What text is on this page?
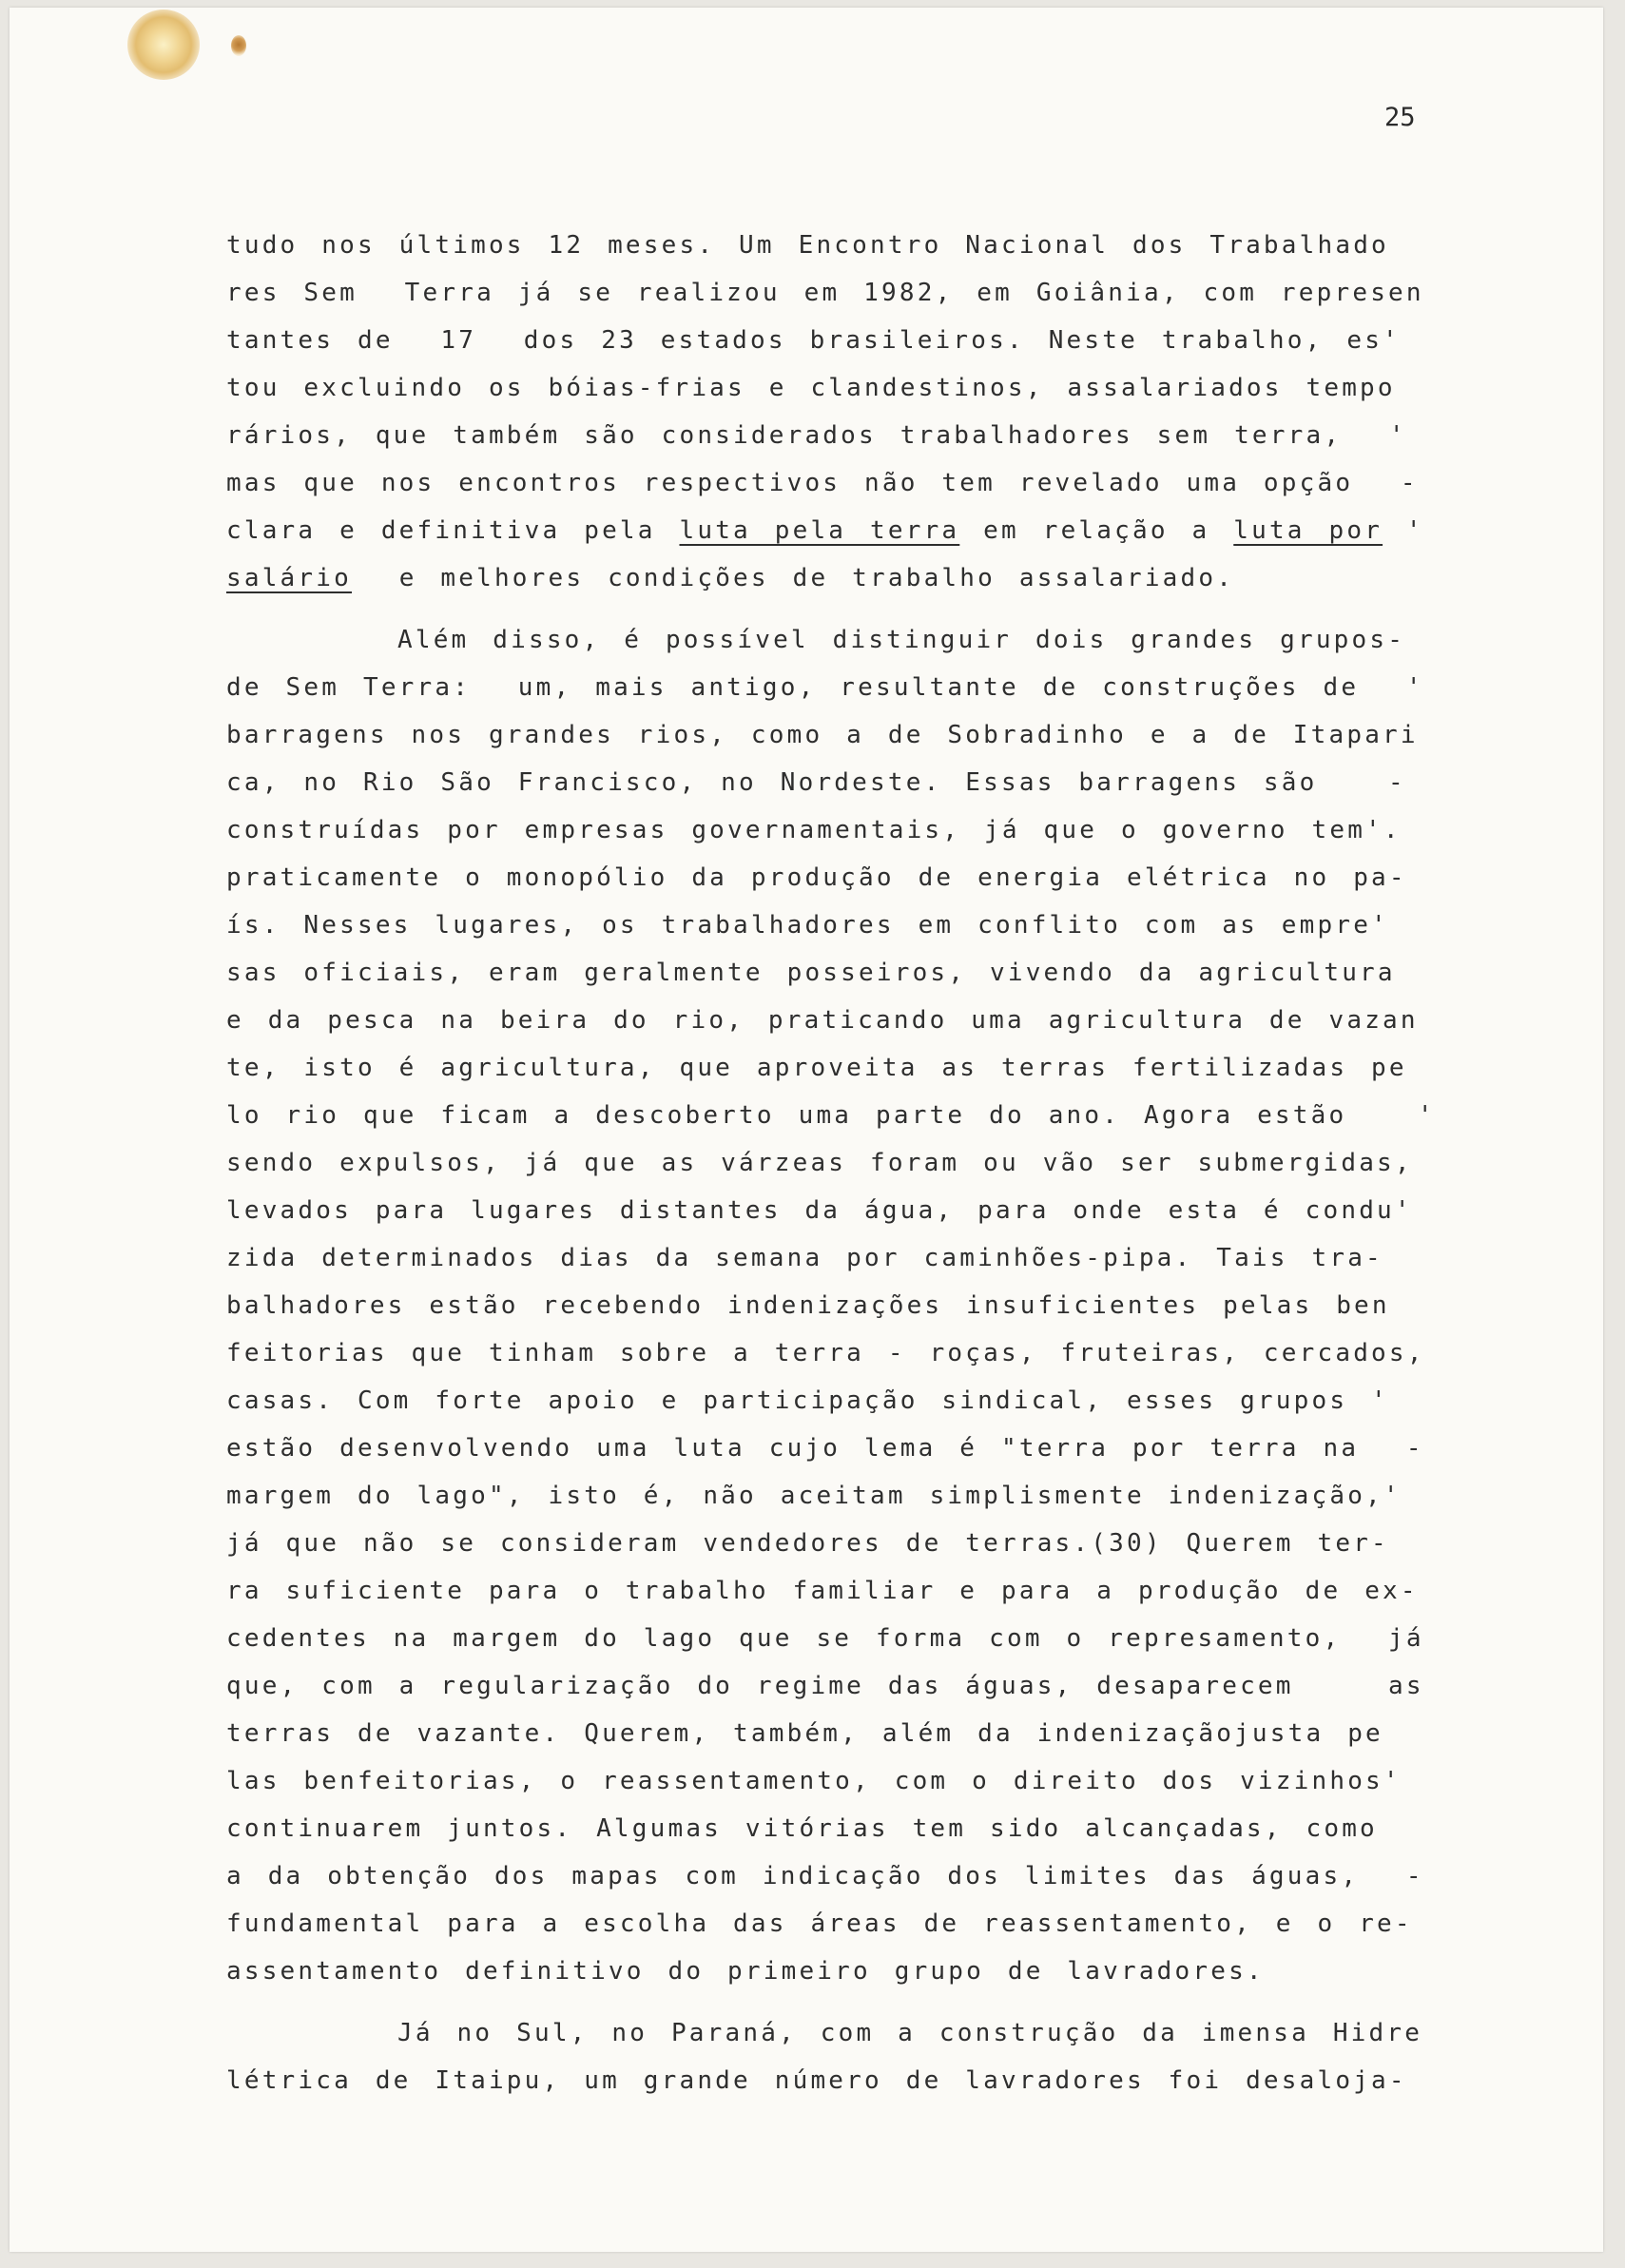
25
tudo nos últimos 12 meses. Um Encontro Nacional dos Trabalhado
res Sem  Terra já se realizou em 1982, em Goiânia, com represen
tantes de  17  dos 23 estados brasileiros. Neste trabalho, es'
tou excluindo os bóias-frias e clandestinos, assalariados tempo
rários, que também são considerados trabalhadores sem terra,  '
mas que nos encontros respectivos não tem revelado uma opção  -
clara e definitiva pela luta pela terra em relação a luta por '
salário  e melhores condições de trabalho assalariado.
Além disso, é possível distinguir dois grandes grupos-
de Sem Terra:  um, mais antigo, resultante de construções de  '
barragens nos grandes rios, como a de Sobradinho e a de Itapari
ca, no Rio São Francisco, no Nordeste. Essas barragens são   -
construídas por empresas governamentais, já que o governo tem'.
praticamente o monopólio da produção de energia elétrica no pa-
ís. Nesses lugares, os trabalhadores em conflito com as empre'
sas oficiais, eram geralmente posseiros, vivendo da agricultura
e da pesca na beira do rio, praticando uma agricultura de vazan
te, isto é agricultura, que aproveita as terras fertilizadas pe
lo rio que ficam a descoberto uma parte do ano. Agora estão   '
sendo expulsos, já que as várzeas foram ou vão ser submergidas,
levados para lugares distantes da água, para onde esta é condu'
zida determinados dias da semana por caminhões-pipa. Tais tra-
balhadores estão recebendo indenizações insuficientes pelas ben
feitorias que tinham sobre a terra - roças, fruteiras, cercados,
casas. Com forte apoio e participação sindical, esses grupos '
estão desenvolvendo uma luta cujo lema é "terra por terra na  -
margem do lago", isto é, não aceitam simplismente indenização,'
já que não se consideram vendedores de terras.(30) Querem ter-
ra suficiente para o trabalho familiar e para a produção de ex-
cedentes na margem do lago que se forma com o represamento,  já
que, com a regularização do regime das águas, desaparecem    as
terras de vazante. Querem, também, além da indenizaçãojusta pe
las benfeitorias, o reassentamento, com o direito dos vizinhos'
continuarem juntos. Algumas vitórias tem sido alcançadas, como
a da obtenção dos mapas com indicação dos limites das águas,  -
fundamental para a escolha das áreas de reassentamento, e o re-
assentamento definitivo do primeiro grupo de lavradores.
Já no Sul, no Paraná, com a construção da imensa Hidre
létrica de Itaipu, um grande número de lavradores foi desaloja-
